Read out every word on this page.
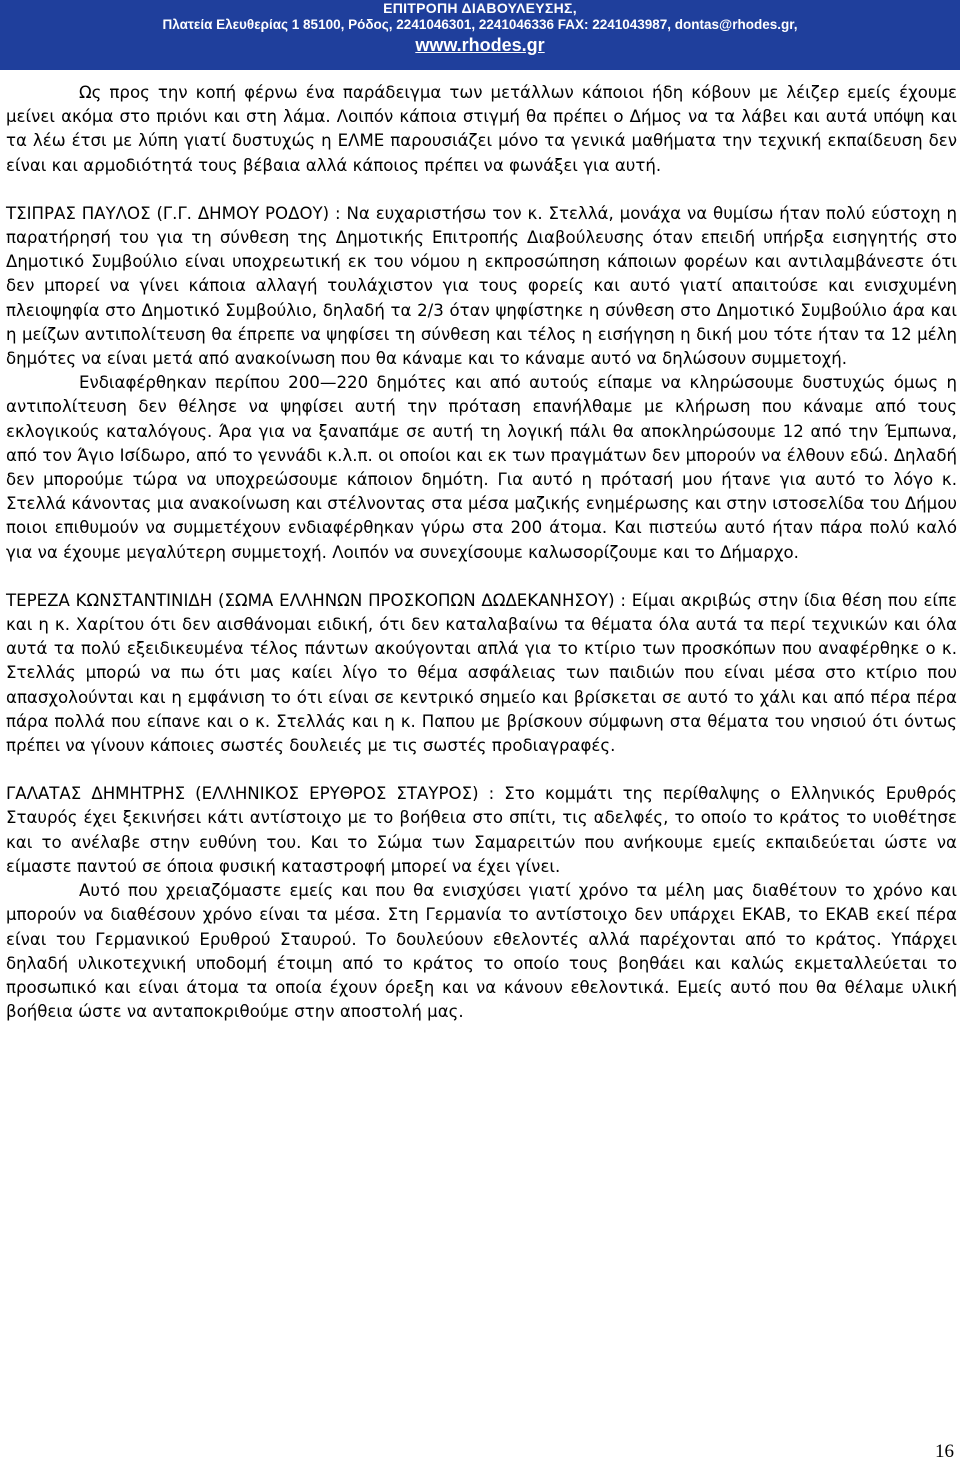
ΕΠΙΤΡΟΠΗ ΔΙΑΒΟΥΛΕΥΣΗΣ,
Πλατεία Ελευθερίας 1 85100, Ρόδος, 2241046301, 2241046336 FAX: 2241043987, dontas@rhodes.gr,
www.rhodes.gr

Ως προς την κοπή φέρνω ένα παράδειγμα των μετάλλων κάποιοι ήδη κόβουν με λέιζερ εμείς έχουμε μείνει ακόμα στο πριόνι και στη λάμα. Λοιπόν κάποια στιγμή θα πρέπει ο Δήμος να τα λάβει και αυτά υπόψη και τα λέω έτσι με λύπη γιατί δυστυχώς η ΕΛΜΕ παρουσιάζει μόνο τα γενικά μαθήματα την τεχνική εκπαίδευση δεν είναι και αρμοδιότητά τους βέβαια αλλά κάποιος πρέπει να φωνάξει για αυτή.

ΤΣΙΠΡΑΣ ΠΑΥΛΟΣ (Γ.Γ. ΔΗΜΟΥ ΡΟΔΟΥ) : Να ευχαριστήσω τον κ. Στελλά, μονάχα να θυμίσω ήταν πολύ εύστοχη η παρατήρησή του για τη σύνθεση της Δημοτικής Επιτροπής Διαβούλευσης όταν επειδή υπήρξα εισηγητής στο Δημοτικό Συμβούλιο είναι υποχρεωτική εκ του νόμου η εκπροσώπηση κάποιων φορέων και αντιλαμβάνεστε ότι δεν μπορεί να γίνει κάποια αλλαγή τουλάχιστον για τους φορείς και αυτό γιατί απαιτούσε και ενισχυμένη πλειοψηφία στο Δημοτικό Συμβούλιο, δηλαδή τα 2/3 όταν ψηφίστηκε η σύνθεση στο Δημοτικό Συμβούλιο άρα και η μείζων αντιπολίτευση θα έπρεπε να ψηφίσει τη σύνθεση και τέλος η εισήγηση η δική μου τότε ήταν τα 12 μέλη δημότες να είναι μετά από ανακοίνωση που θα κάναμε και το κάναμε αυτό να δηλώσουν συμμετοχή.

Ενδιαφέρθηκαν περίπου 200—220 δημότες και από αυτούς είπαμε να κληρώσουμε δυστυχώς όμως η αντιπολίτευση δεν θέλησε να ψηφίσει αυτή την πρόταση επανήλθαμε με κλήρωση που κάναμε από τους εκλογικούς καταλόγους. Άρα για να ξαναπάμε σε αυτή τη λογική πάλι θα αποκληρώσουμε 12 από την Έμπωνα, από τον Άγιο Ισίδωρο, από το γεννάδι κ.λ.π. οι οποίοι και εκ των πραγμάτων δεν μπορούν να έλθουν εδώ. Δηλαδή δεν μπορούμε τώρα να υποχρεώσουμε κάποιον δημότη. Για αυτό η πρότασή μου ήτανε για αυτό το λόγο κ. Στελλά κάνοντας μια ανακοίνωση και στέλνοντας στα μέσα μαζικής ενημέρωσης και στην ιστοσελίδα του Δήμου ποιοι επιθυμούν να συμμετέχουν ενδιαφέρθηκαν γύρω στα 200 άτομα. Και πιστεύω αυτό ήταν πάρα πολύ καλό για να έχουμε μεγαλύτερη συμμετοχή. Λοιπόν να συνεχίσουμε καλωσορίζουμε και το Δήμαρχο.

ΤΕΡΕΖΑ ΚΩΝΣΤΑΝΤΙΝΙΔΗ (ΣΩΜΑ ΕΛΛΗΝΩΝ ΠΡΟΣΚΟΠΩΝ ΔΩΔΕΚΑΝΗΣΟΥ) : Είμαι ακριβώς στην ίδια θέση που είπε και η κ. Χαρίτου ότι δεν αισθάνομαι ειδική, ότι δεν καταλαβαίνω τα θέματα όλα αυτά τα περί τεχνικών και όλα αυτά τα πολύ εξειδικευμένα τέλος πάντων ακούγονται απλά για το κτίριο των προσκόπων που αναφέρθηκε ο κ. Στελλάς μπορώ να πω ότι μας καίει λίγο το θέμα ασφάλειας των παιδιών που είναι μέσα στο κτίριο που απασχολούνται και η εμφάνιση το ότι είναι σε κεντρικό σημείο και βρίσκεται σε αυτό το χάλι και από πέρα πέρα πάρα πολλά που είπανε και ο κ. Στελλάς και η κ. Παπου με βρίσκουν σύμφωνη στα θέματα του νησιού ότι όντως πρέπει να γίνουν κάποιες σωστές δουλειές με τις σωστές προδιαγραφές.

ΓΑΛΑΤΑΣ ΔΗΜΗΤΡΗΣ (ΕΛΛΗΝΙΚΟΣ ΕΡΥΘΡΟΣ ΣΤΑΥΡΟΣ) : Στο κομμάτι της περίθαλψης ο Ελληνικός Ερυθρός Σταυρός έχει ξεκινήσει κάτι αντίστοιχο με το βοήθεια στο σπίτι, τις αδελφές, το οποίο το κράτος το υιοθέτησε και το ανέλαβε στην ευθύνη του. Και το Σώμα των Σαμαρειτών που ανήκουμε εμείς εκπαιδεύεται ώστε να είμαστε παντού σε όποια φυσική καταστροφή μπορεί να έχει γίνει.

Αυτό που χρειαζόμαστε εμείς και που θα ενισχύσει γιατί χρόνο τα μέλη μας διαθέτουν το χρόνο και μπορούν να διαθέσουν χρόνο είναι τα μέσα. Στη Γερμανία το αντίστοιχο δεν υπάρχει ΕΚΑΒ, το ΕΚΑΒ εκεί πέρα είναι του Γερμανικού Ερυθρού Σταυρού. Το δουλεύουν εθελοντές αλλά παρέχονται από το κράτος. Υπάρχει δηλαδή υλικοτεχνική υποδομή έτοιμη από το κράτος το οποίο τους βοηθάει και καλώς εκμεταλλεύεται το προσωπικό και είναι άτομα τα οποία έχουν όρεξη και να κάνουν εθελοντικά. Εμείς αυτό που θα θέλαμε υλική βοήθεια ώστε να ανταποκριθούμε στην αποστολή μας.

16
